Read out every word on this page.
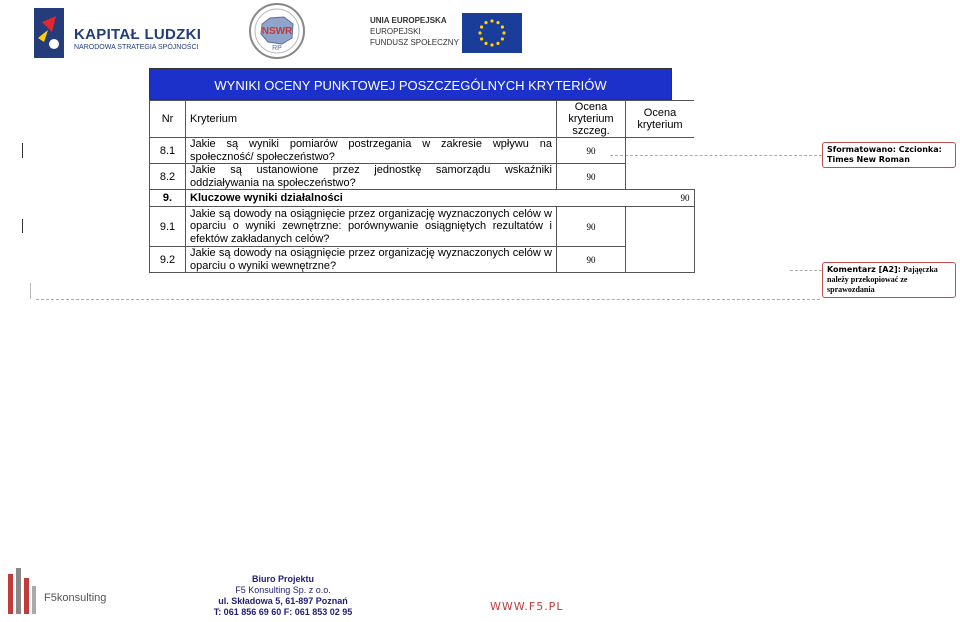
KAPITAŁ LUDZKI
NARODOWA STRATEGIA SPÓJNOŚCI
NSWR
RP
UNIA EUROPEJSKA
EUROPEJSKI
FUNDUSZ SPOŁECZNY
WYNIKI OCENY PUNKTOWEJ POSZCZEGÓLNYCH KRYTERIÓW
Nr	Kryterium	Ocena kryterium szczeg.	Ocena kryterium
8.1	Jakie są wyniki pomiarów postrzegania w zakresie wpływu na społeczność/ społeczeństwo?	90	
8.2	Jakie są ustanowione przez jednostkę samorządu wskaźniki oddziaływania na społeczeństwo?	90	
9.	Kluczowe wyniki działalności		90
9.1	Jakie są dowody na osiągnięcie przez organizację wyznaczonych celów w oparciu o wyniki zewnętrzne: porównywanie osiągniętych rezultatów i efektów zakładanych celów?	90	
9.2	Jakie są dowody na osiągnięcie przez organizację wyznaczonych celów w oparciu o wyniki wewnętrzne?	90	
Sformatowano: Czcionka: Times New Roman
Komentarz [A2]: Pająęczka należy przekopiować ze sprawozdania
F5konsulting
Biuro Projektu
F5 Konsulting Sp. z o.o.
ul. Składowa 5, 61-897 Poznań
T: 061 856 69 60 F: 061 853 02 95	WWW.F5.PL
